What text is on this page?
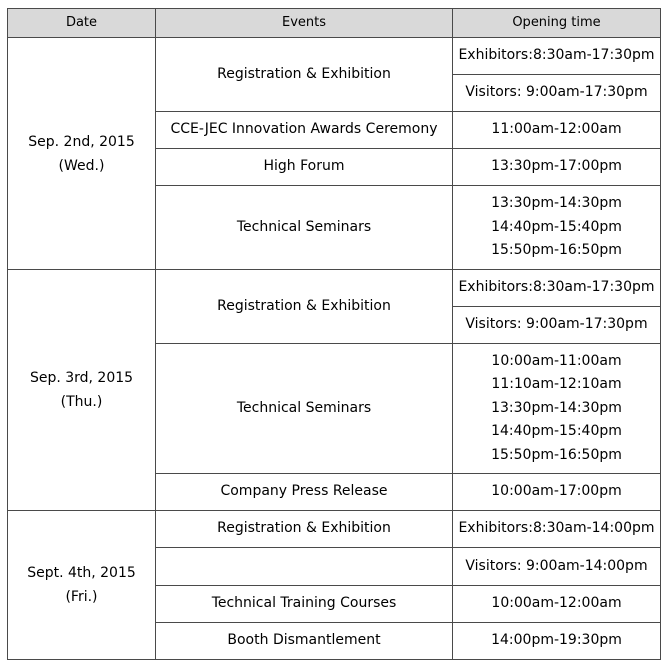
Date	Events	Opening time

Sep. 2nd, 2015
(Wed.)	Registration & Exhibition	Exhibitors:8:30am-17:30pm

		Visitors: 9:00am-17:30pm

	CCE-JEC Innovation Awards Ceremony	11:00am-12:00am

	High Forum	13:30pm-17:00pm

	Technical Seminars	13:30pm-14:30pm
14:40pm-15:40pm
15:50pm-16:50pm

Sep. 3rd, 2015
(Thu.)	Registration & Exhibition	Exhibitors:8:30am-17:30pm

		Visitors: 9:00am-17:30pm

	Technical Seminars	10:00am-11:00am
11:10am-12:10am
13:30pm-14:30pm
14:40pm-15:40pm
15:50pm-16:50pm

	Company Press Release	10:00am-17:00pm

Sept. 4th, 2015
(Fri.)	Registration & Exhibition	Exhibitors:8:30am-14:00pm

		Visitors: 9:00am-14:00pm

	Technical Training Courses	10:00am-12:00am

	Booth Dismantlement	14:00pm-19:30pm
